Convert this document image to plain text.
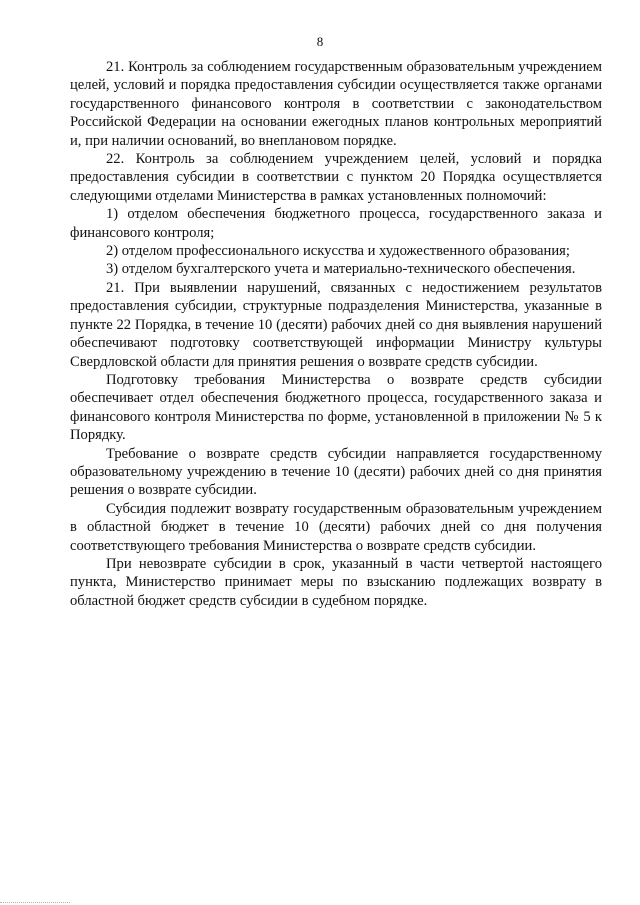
8

21. Контроль за соблюдением государственным образовательным учреждением целей, условий и порядка предоставления субсидии осуществляется также органами государственного финансового контроля в соответствии с законодательством Российской Федерации на основании ежегодных планов контрольных мероприятий и, при наличии оснований, во внеплановом порядке.

22. Контроль за соблюдением учреждением целей, условий и порядка предоставления субсидии в соответствии с пунктом 20 Порядка осуществляется следующими отделами Министерства в рамках установленных полномочий:

1) отделом обеспечения бюджетного процесса, государственного заказа и финансового контроля;

2) отделом профессионального искусства и художественного образования;

3) отделом бухгалтерского учета и материально-технического обеспечения.

21. При выявлении нарушений, связанных с недостижением результатов предоставления субсидии, структурные подразделения Министерства, указанные в пункте 22 Порядка, в течение 10 (десяти) рабочих дней со дня выявления нарушений обеспечивают подготовку соответствующей информации Министру культуры Свердловской области для принятия решения о возврате средств субсидии.

Подготовку требования Министерства о возврате средств субсидии обеспечивает отдел обеспечения бюджетного процесса, государственного заказа и финансового контроля Министерства по форме, установленной в приложении № 5 к Порядку.

Требование о возврате средств субсидии направляется государственному образовательному учреждению в течение 10 (десяти) рабочих дней со дня принятия решения о возврате субсидии.

Субсидия подлежит возврату государственным образовательным учреждением в областной бюджет в течение 10 (десяти) рабочих дней со дня получения соответствующего требования Министерства о возврате средств субсидии.

При невозврате субсидии в срок, указанный в части четвертой настоящего пункта, Министерство принимает меры по взысканию подлежащих возврату в областной бюджет средств субсидии в судебном порядке.
